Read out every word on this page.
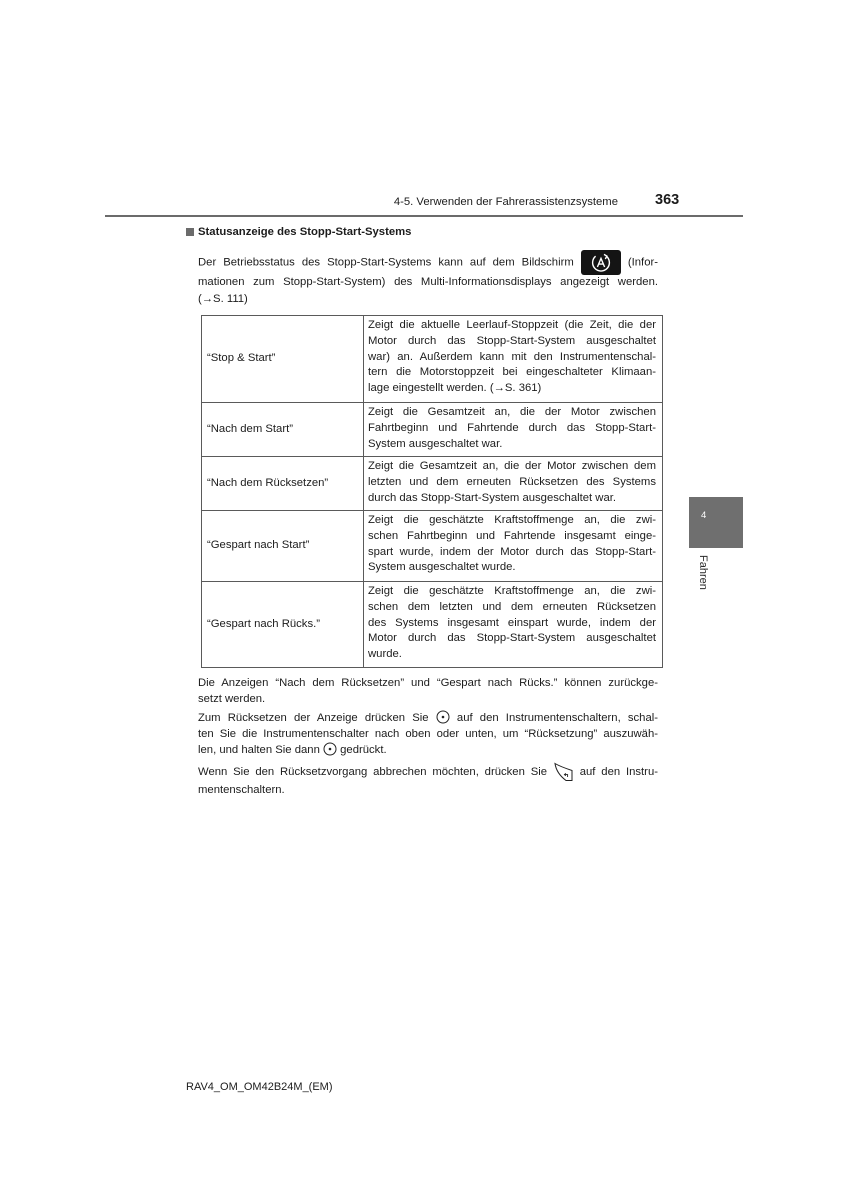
4-5. Verwenden der Fahrerassistenzsysteme	363
4
Fahren
Statusanzeige des Stopp-Start-Systems
Der Betriebsstatus des Stopp-Start-Systems kann auf dem Bildschirm	(Infor-
mationen zum Stopp-Start-System) des Multi-Informationsdisplays angezeigt werden.
(→S. 111)
“Stop & Start”
Zeigt die aktuelle Leerlauf-Stoppzeit (die Zeit, die der
Motor durch das Stopp-Start-System ausgeschaltet
war) an. Außerdem kann mit den Instrumentenschal-
tern die Motorstoppzeit bei eingeschalteter Klimaan-
lage eingestellt werden. (→S. 361)
“Nach dem Start”
Zeigt die Gesamtzeit an, die der Motor zwischen
Fahrtbeginn und Fahrtende durch das Stopp-Start-
System ausgeschaltet war.
“Nach dem Rücksetzen”
Zeigt die Gesamtzeit an, die der Motor zwischen dem
letzten und dem erneuten Rücksetzen des Systems
durch das Stopp-Start-System ausgeschaltet war.
“Gespart nach Start”
Zeigt die geschätzte Kraftstoffmenge an, die zwi-
schen Fahrtbeginn und Fahrtende insgesamt einge-
spart wurde, indem der Motor durch das Stopp-Start-
System ausgeschaltet wurde.
“Gespart nach Rücks.”
Zeigt die geschätzte Kraftstoffmenge an, die zwi-
schen dem letzten und dem erneuten Rücksetzen
des Systems insgesamt einspart wurde, indem der
Motor durch das Stopp-Start-System ausgeschaltet
wurde.
Die Anzeigen “Nach dem Rücksetzen” und “Gespart nach Rücks.” können zurückge-
setzt werden.
Zum Rücksetzen der Anzeige drücken Sie	auf den Instrumentenschaltern, schal-
ten Sie die Instrumentenschalter nach oben oder unten, um “Rücksetzung” auszuwäh-
len, und halten Sie dann gedrückt.
Wenn Sie den Rücksetzvorgang abbrechen möchten, drücken Sie	auf den Instru-
mentenschaltern.
RAV4_OM_OM42B24M_(EM)
